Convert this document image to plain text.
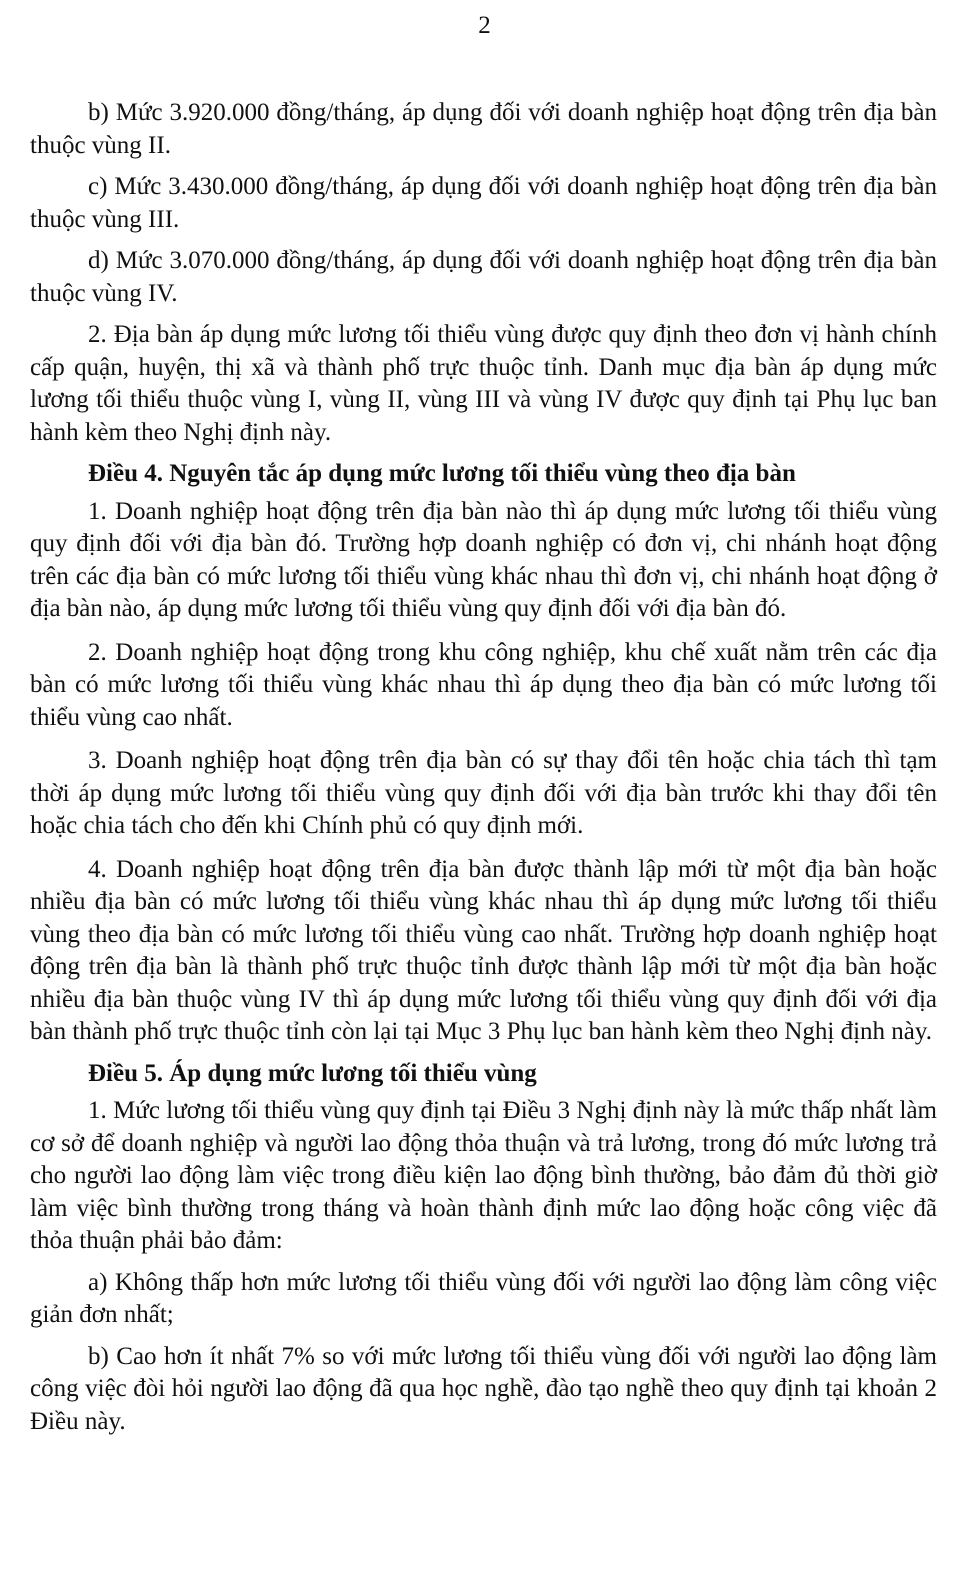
2

b) Mức 3.920.000 đồng/tháng, áp dụng đối với doanh nghiệp hoạt động trên địa bàn thuộc vùng II.

c) Mức 3.430.000 đồng/tháng, áp dụng đối với doanh nghiệp hoạt động trên địa bàn thuộc vùng III.

d) Mức 3.070.000 đồng/tháng, áp dụng đối với doanh nghiệp hoạt động trên địa bàn thuộc vùng IV.

2. Địa bàn áp dụng mức lương tối thiểu vùng được quy định theo đơn vị hành chính cấp quận, huyện, thị xã và thành phố trực thuộc tỉnh. Danh mục địa bàn áp dụng mức lương tối thiểu thuộc vùng I, vùng II, vùng III và vùng IV được quy định tại Phụ lục ban hành kèm theo Nghị định này.

Điều 4. Nguyên tắc áp dụng mức lương tối thiểu vùng theo địa bàn

1. Doanh nghiệp hoạt động trên địa bàn nào thì áp dụng mức lương tối thiểu vùng quy định đối với địa bàn đó. Trường hợp doanh nghiệp có đơn vị, chi nhánh hoạt động trên các địa bàn có mức lương tối thiểu vùng khác nhau thì đơn vị, chi nhánh hoạt động ở địa bàn nào, áp dụng mức lương tối thiểu vùng quy định đối với địa bàn đó.

2. Doanh nghiệp hoạt động trong khu công nghiệp, khu chế xuất nằm trên các địa bàn có mức lương tối thiểu vùng khác nhau thì áp dụng theo địa bàn có mức lương tối thiểu vùng cao nhất.

3. Doanh nghiệp hoạt động trên địa bàn có sự thay đổi tên hoặc chia tách thì tạm thời áp dụng mức lương tối thiểu vùng quy định đối với địa bàn trước khi thay đổi tên hoặc chia tách cho đến khi Chính phủ có quy định mới.

4. Doanh nghiệp hoạt động trên địa bàn được thành lập mới từ một địa bàn hoặc nhiều địa bàn có mức lương tối thiểu vùng khác nhau thì áp dụng mức lương tối thiểu vùng theo địa bàn có mức lương tối thiểu vùng cao nhất. Trường hợp doanh nghiệp hoạt động trên địa bàn là thành phố trực thuộc tỉnh được thành lập mới từ một địa bàn hoặc nhiều địa bàn thuộc vùng IV thì áp dụng mức lương tối thiểu vùng quy định đối với địa bàn thành phố trực thuộc tỉnh còn lại tại Mục 3 Phụ lục ban hành kèm theo Nghị định này.

Điều 5. Áp dụng mức lương tối thiểu vùng

1. Mức lương tối thiểu vùng quy định tại Điều 3 Nghị định này là mức thấp nhất làm cơ sở để doanh nghiệp và người lao động thỏa thuận và trả lương, trong đó mức lương trả cho người lao động làm việc trong điều kiện lao động bình thường, bảo đảm đủ thời giờ làm việc bình thường trong tháng và hoàn thành định mức lao động hoặc công việc đã thỏa thuận phải bảo đảm:

a) Không thấp hơn mức lương tối thiểu vùng đối với người lao động làm công việc giản đơn nhất;

b) Cao hơn ít nhất 7% so với mức lương tối thiểu vùng đối với người lao động làm công việc đòi hỏi người lao động đã qua học nghề, đào tạo nghề theo quy định tại khoản 2 Điều này.
